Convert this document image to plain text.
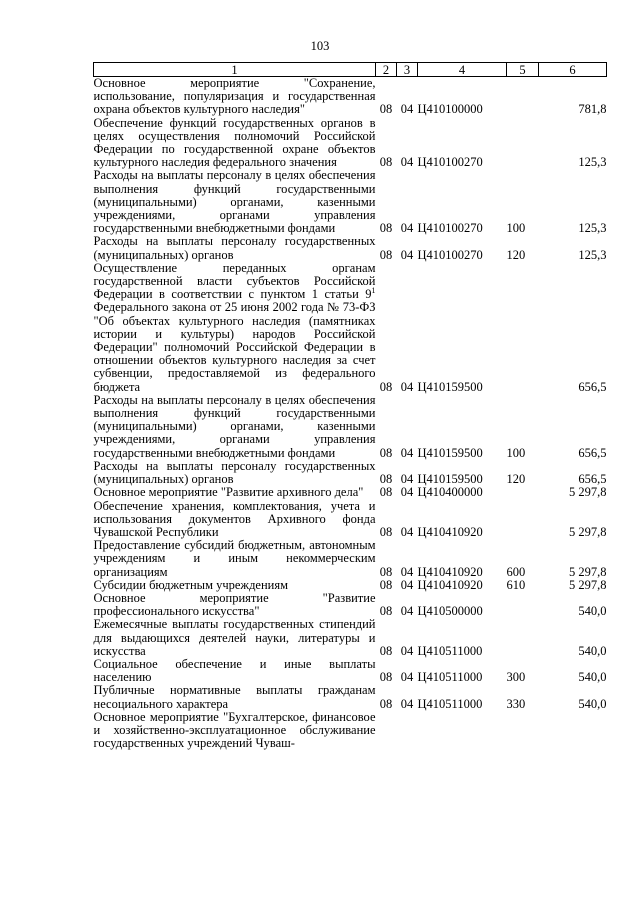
103
1	2	3	4	5	6
Основное мероприятие "Сохранение, использование, популяризация и государственная охрана объектов культурного наследия"	08	04	Ц410100000		781,8
Обеспечение функций государственных органов в целях осуществления полномочий Российской Федерации по государственной охране объектов культурного наследия федерального значения	08	04	Ц410100270		125,3
Расходы на выплаты персоналу в целях обеспечения выполнения функций государственными (муниципальными) органами, казенными учреждениями, органами управления государственными внебюджетными фондами	08	04	Ц410100270	100	125,3
Расходы на выплаты персоналу государственных (муниципальных) органов	08	04	Ц410100270	120	125,3
Осуществление переданных органам государственной власти субъектов Российской Федерации в соответствии с пунктом 1 статьи $9^1$ Федерального закона от 25 июня 2002 года № 73-ФЗ "Об объектах культурного наследия (памятниках истории и культуры) народов Российской Федерации" полномочий Российской Федерации в отношении объектов культурного наследия за счет субвенции, предоставляемой из федерального бюджета	08	04	Ц410159500		656,5
Расходы на выплаты персоналу в целях обеспечения выполнения функций государственными (муниципальными) органами, казенными учреждениями, органами управления государственными внебюджетными фондами	08	04	Ц410159500	100	656,5
Расходы на выплаты персоналу государственных (муниципальных) органов	08	04	Ц410159500	120	656,5
Основное мероприятие "Развитие архивного дела"	08	04	Ц410400000		5 297,8
Обеспечение хранения, комплектования, учета и использования документов Архивного фонда Чувашской Республики	08	04	Ц410410920		5 297,8
Предоставление субсидий бюджетным, автономным учреждениям и иным некоммерческим организациям	08	04	Ц410410920	600	5 297,8
Субсидии бюджетным учреждениям	08	04	Ц410410920	610	5 297,8
Основное мероприятие "Развитие профессионального искусства"	08	04	Ц410500000		540,0
Ежемесячные выплаты государственных стипендий для выдающихся деятелей науки, литературы и искусства	08	04	Ц410511000		540,0
Социальное обеспечение и иные выплаты населению	08	04	Ц410511000	300	540,0
Публичные нормативные выплаты гражданам несоциального характера	08	04	Ц410511000	330	540,0
Основное мероприятие "Бухгалтерское, финансовое и хозяйственно-эксплуатационное обслуживание государственных учреждений Чуваш-					
